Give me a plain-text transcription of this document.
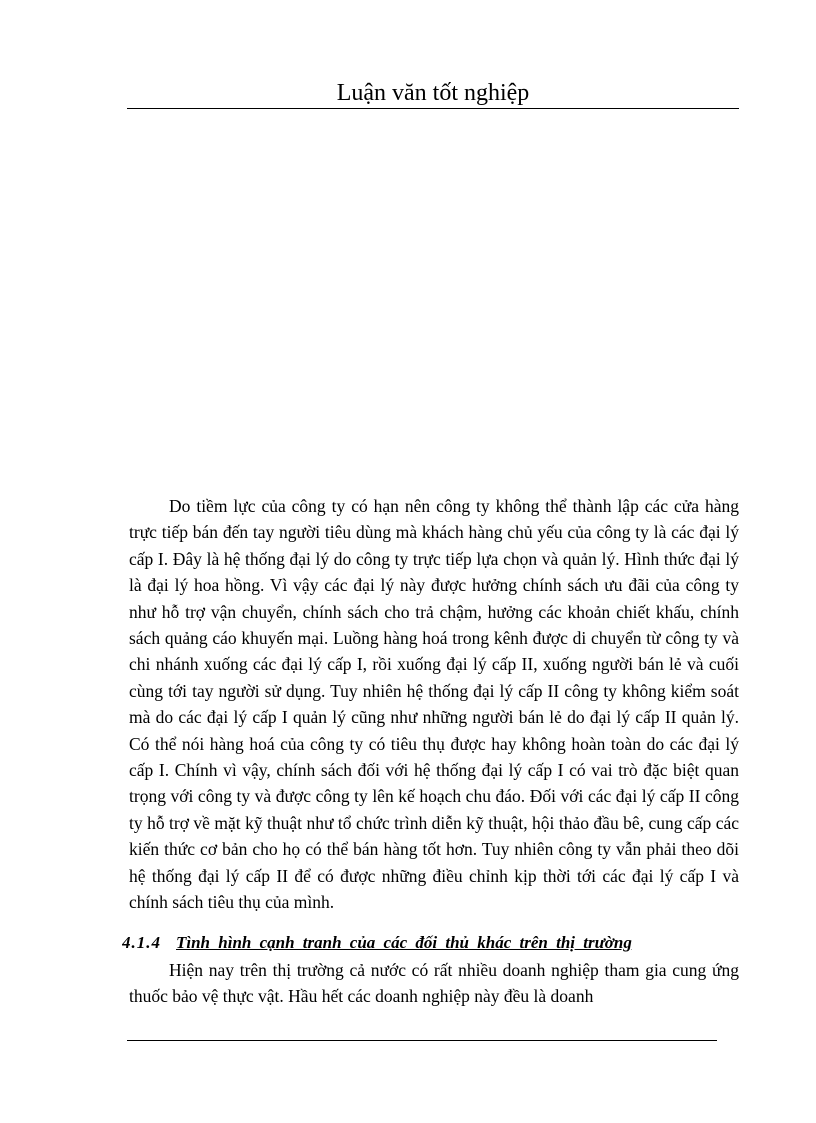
Luận văn tốt nghiệp

Do tiềm lực của công ty có hạn nên công ty không thể thành lập các cửa hàng trực tiếp bán đến tay người tiêu dùng mà khách hàng chủ yếu của công ty là các đại lý cấp I. Đây là hệ thống đại lý do công ty trực tiếp lựa chọn và quản lý. Hình thức đại lý là đại lý hoa hồng. Vì vậy các đại lý này được hưởng chính sách ưu đãi của công ty như hỗ trợ vận chuyển, chính sách cho trả chậm, hưởng các khoản chiết khấu, chính sách quảng cáo khuyến mại. Luồng hàng hoá trong kênh được di chuyển từ công ty và chi nhánh xuống các đại lý cấp I, rồi xuống đại lý cấp II, xuống người bán lẻ và cuối cùng tới tay người sử dụng. Tuy nhiên hệ thống đại lý cấp II công ty không kiểm soát mà do các đại lý cấp I quản lý cũng như những người bán lẻ do đại lý cấp II quản lý. Có thể nói hàng hoá của công ty có tiêu thụ được hay không hoàn toàn do các đại lý cấp I. Chính vì vậy, chính sách đối với hệ thống đại lý cấp I có vai trò đặc biệt quan trọng với công ty và được công ty lên kế hoạch chu đáo. Đối với các đại lý cấp II công ty hỗ trợ về mặt kỹ thuật như tổ chức trình diễn kỹ thuật, hội thảo đầu bê, cung cấp các kiến thức cơ bản cho họ có thể bán hàng tốt hơn. Tuy nhiên công ty vẫn phải theo dõi hệ thống đại lý cấp II để có được những điều chỉnh kịp thời tới các đại lý cấp I và chính sách tiêu thụ của mình.

4.1.4 Tình hình cạnh tranh của các đối thủ khác trên thị trường

Hiện nay trên thị trường cả nước có rất nhiều doanh nghiệp tham gia cung ứng thuốc bảo vệ thực vật. Hầu hết các doanh nghiệp này đều là doanh
